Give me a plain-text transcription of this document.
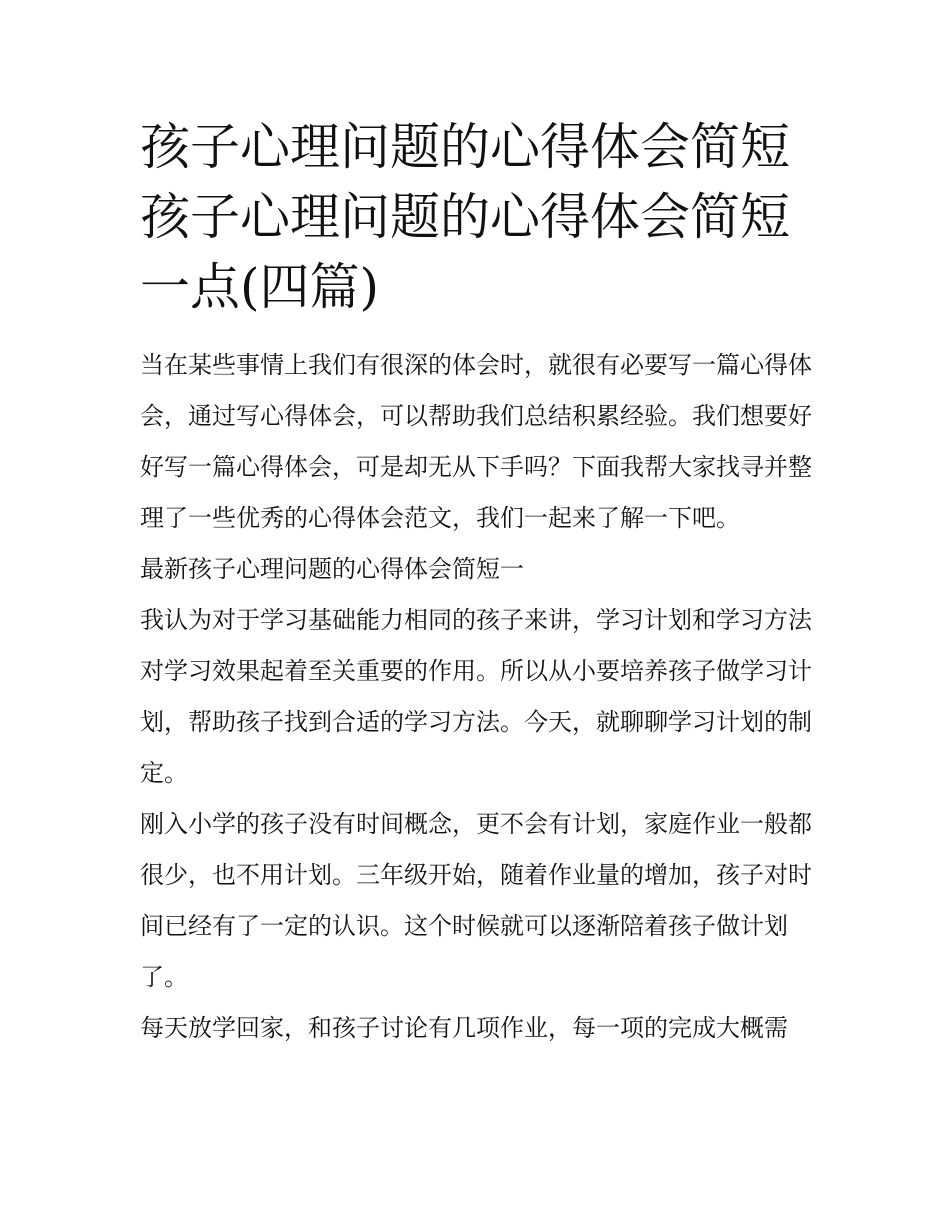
孩子心理问题的心得体会简短
孩子心理问题的心得体会简短
一点(四篇)

当在某些事情上我们有很深的体会时，就很有必要写一篇心得体会，通过写心得体会，可以帮助我们总结积累经验。我们想要好好写一篇心得体会，可是却无从下手吗？下面我帮大家找寻并整理了一些优秀的心得体会范文，我们一起来了解一下吧。

最新孩子心理问题的心得体会简短一

我认为对于学习基础能力相同的孩子来讲，学习计划和学习方法对学习效果起着至关重要的作用。所以从小要培养孩子做学习计划，帮助孩子找到合适的学习方法。今天，就聊聊学习计划的制定。

刚入小学的孩子没有时间概念，更不会有计划，家庭作业一般都很少，也不用计划。三年级开始，随着作业量的增加，孩子对时间已经有了一定的认识。这个时候就可以逐渐陪着孩子做计划了。

每天放学回家，和孩子讨论有几项作业，每一项的完成大概需
